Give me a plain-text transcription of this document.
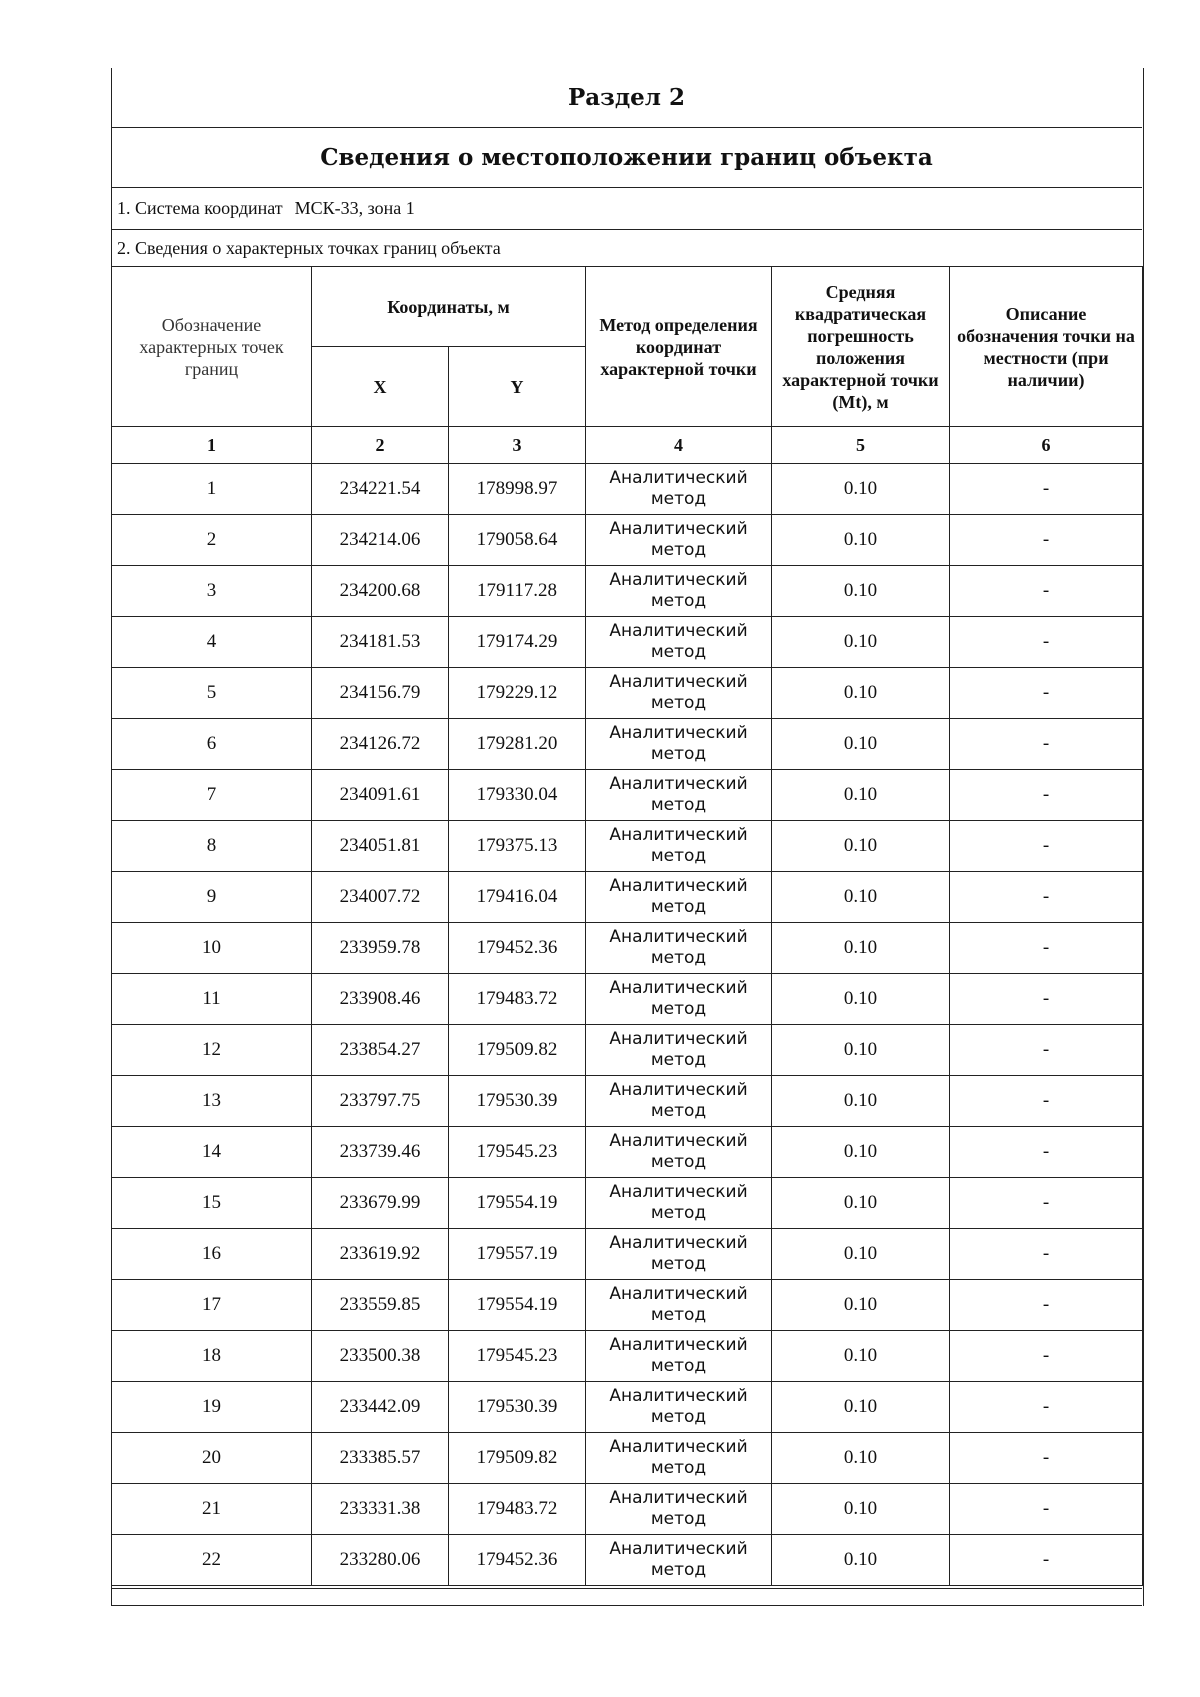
Раздел 2
Сведения о местоположении границ объекта
1. Система координат МСК-33, зона 1
2. Сведения о характерных точках границ объекта
Обозначение характерных точек границ	Координаты, м		Метод определения координат характерной точки	Средняя квадратическая погрешность положения характерной точки (Mt), м	Описание обозначения точки на местности (при наличии)
	X	Y			
1	2	3	4	5	6
1	234221.54	178998.97	Аналитический метод	0.10	-
2	234214.06	179058.64	Аналитический метод	0.10	-
3	234200.68	179117.28	Аналитический метод	0.10	-
4	234181.53	179174.29	Аналитический метод	0.10	-
5	234156.79	179229.12	Аналитический метод	0.10	-
6	234126.72	179281.20	Аналитический метод	0.10	-
7	234091.61	179330.04	Аналитический метод	0.10	-
8	234051.81	179375.13	Аналитический метод	0.10	-
9	234007.72	179416.04	Аналитический метод	0.10	-
10	233959.78	179452.36	Аналитический метод	0.10	-
11	233908.46	179483.72	Аналитический метод	0.10	-
12	233854.27	179509.82	Аналитический метод	0.10	-
13	233797.75	179530.39	Аналитический метод	0.10	-
14	233739.46	179545.23	Аналитический метод	0.10	-
15	233679.99	179554.19	Аналитический метод	0.10	-
16	233619.92	179557.19	Аналитический метод	0.10	-
17	233559.85	179554.19	Аналитический метод	0.10	-
18	233500.38	179545.23	Аналитический метод	0.10	-
19	233442.09	179530.39	Аналитический метод	0.10	-
20	233385.57	179509.82	Аналитический метод	0.10	-
21	233331.38	179483.72	Аналитический метод	0.10	-
22	233280.06	179452.36	Аналитический метод	0.10	-
